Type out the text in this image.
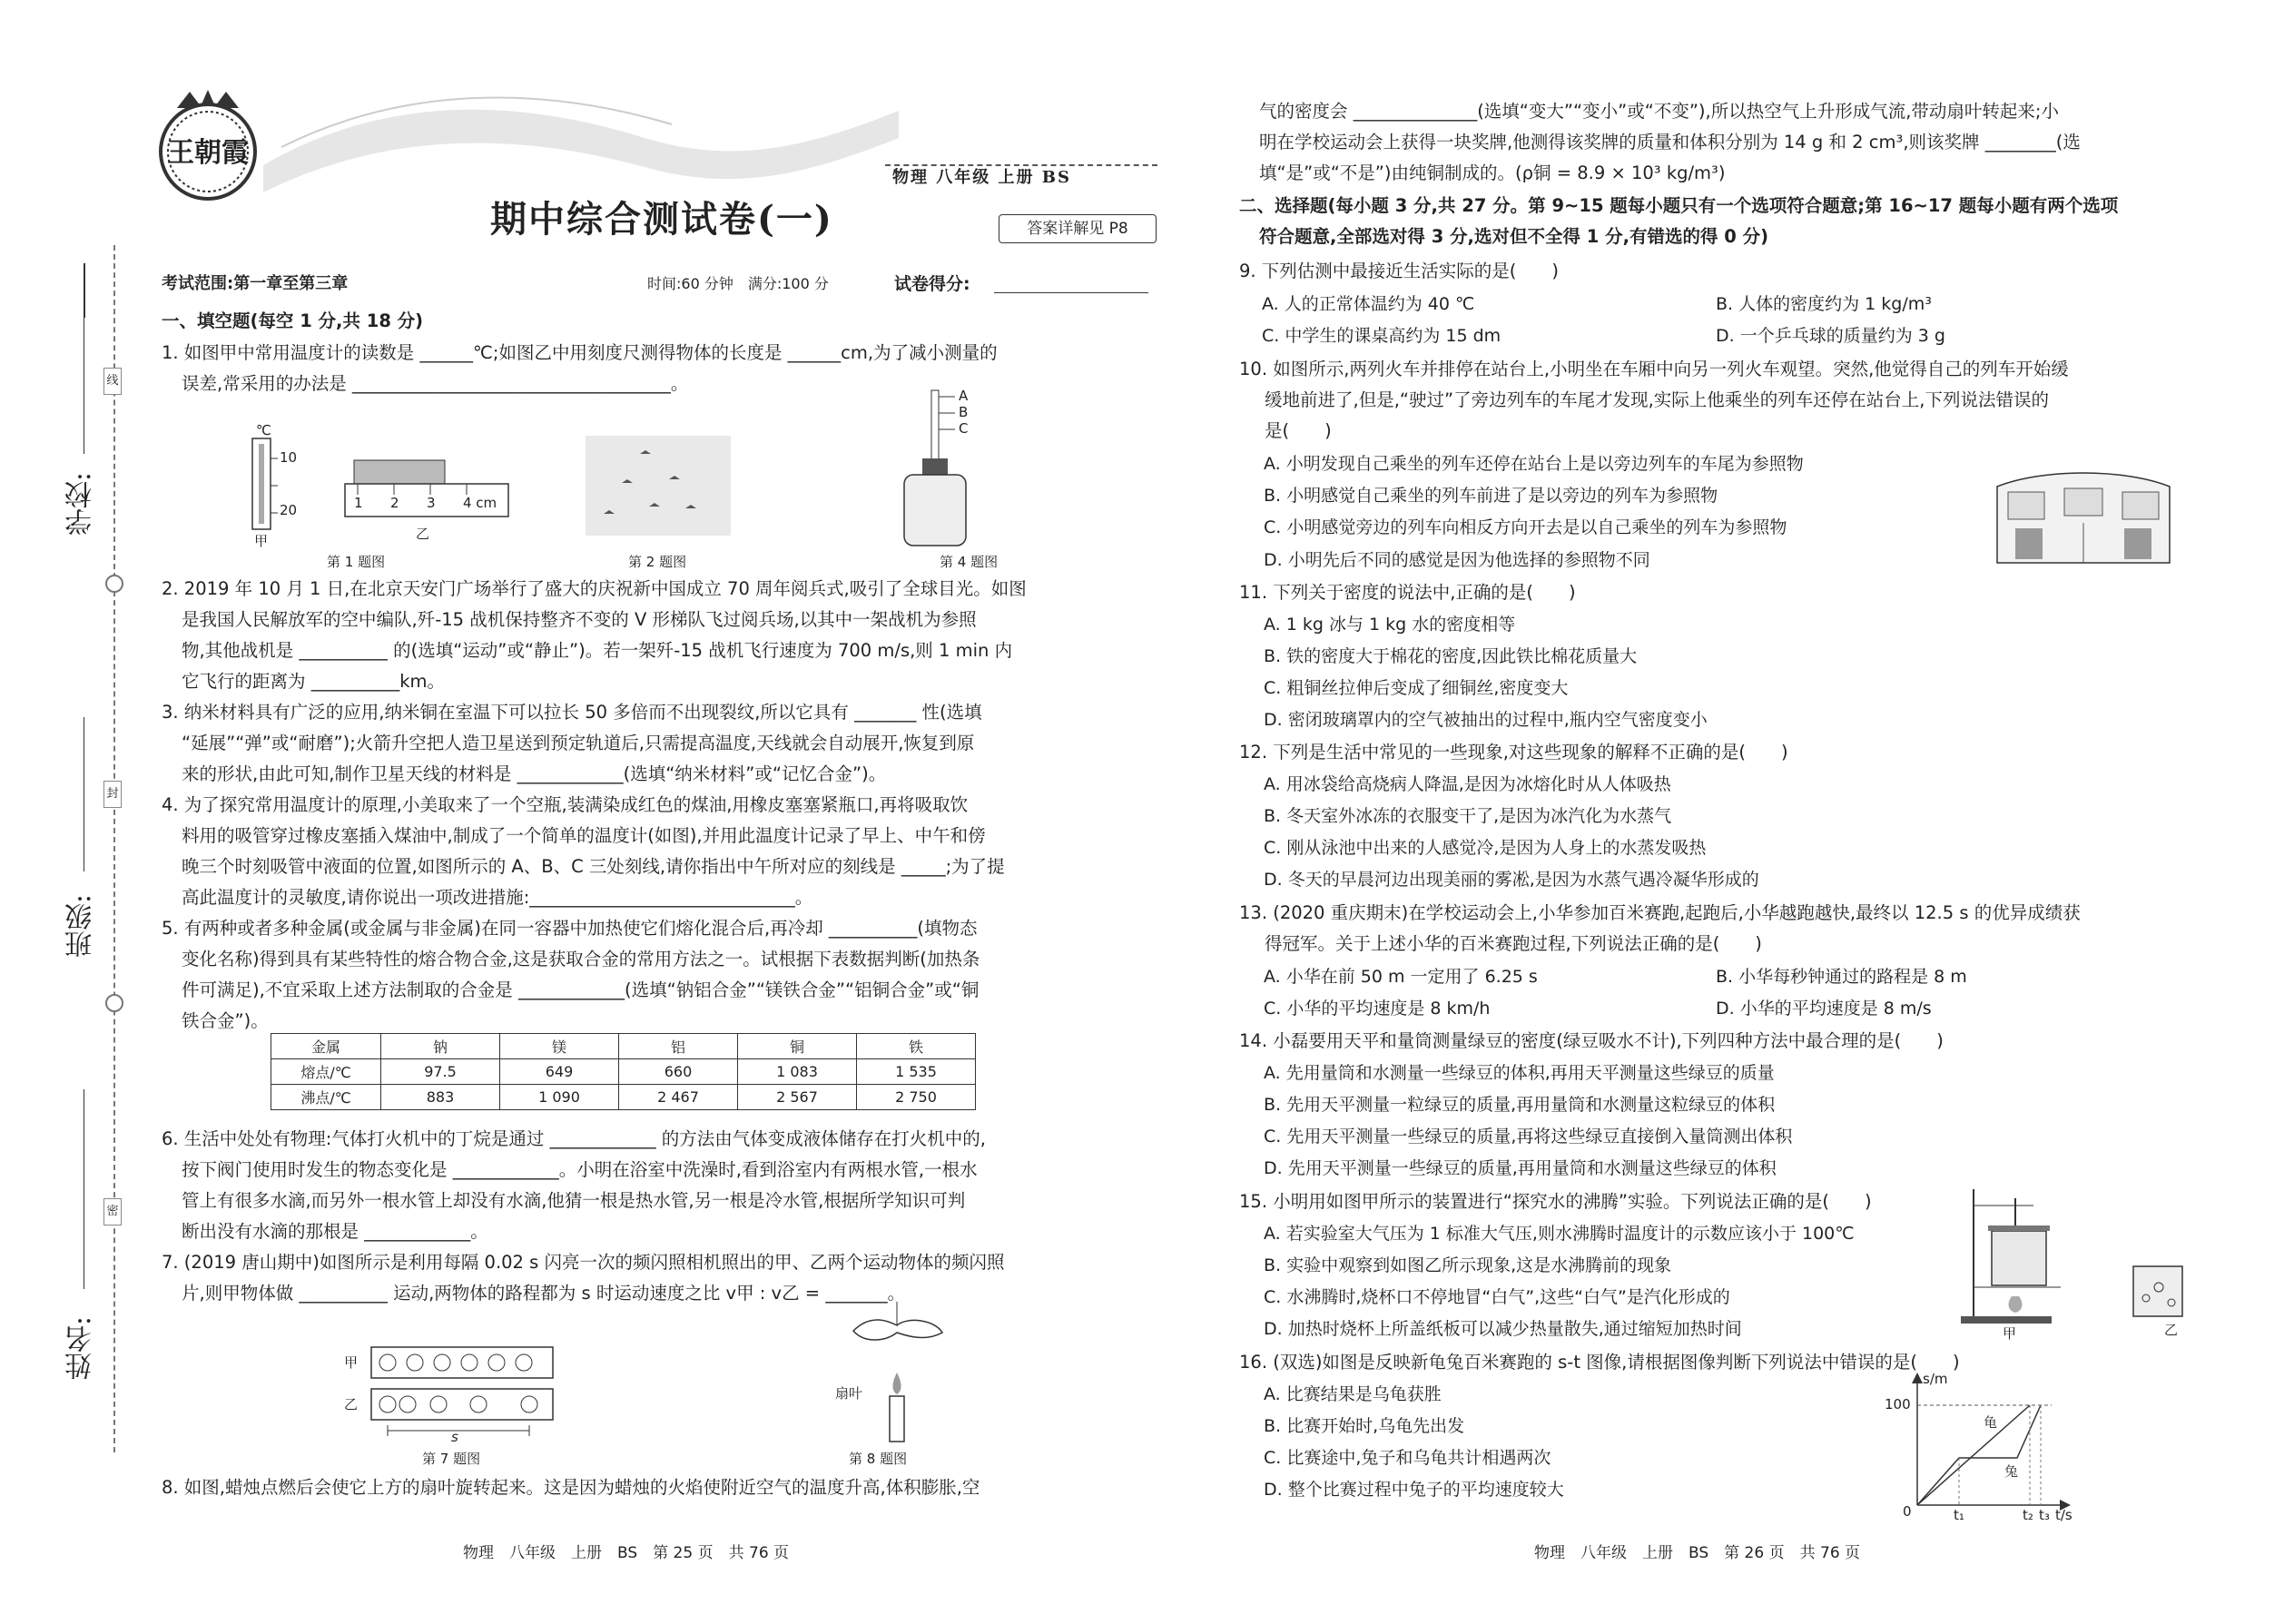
线
封
密
学校:
班级:
姓名:
王朝霞
物理 八年级 上册 BS
期中综合测试卷(一)	答案详解见 P8
考试范围:第一章至第三章	时间:60 分钟　满分:100 分	试卷得分:
一、填空题(每空 1 分,共 18 分)
1. 如图甲中常用温度计的读数是 ______℃;如图乙中用刻度尺测得物体的长度是 ______cm,为了减小测量的
误差,常采用的办法是 ____________________________________。
℃
10
20
甲	乙
1 2 3 4 cm
第 1 题图	第 2 题图
A
B
C
第 4 题图
2. 2019 年 10 月 1 日,在北京天安门广场举行了盛大的庆祝新中国成立 70 周年阅兵式,吸引了全球目光。如图
是我国人民解放军的空中编队,歼-15 战机保持整齐不变的 V 形梯队飞过阅兵场,以其中一架战机为参照
物,其他战机是 __________ 的(选填“运动”或“静止”)。若一架歼-15 战机飞行速度为 700 m/s,则 1 min 内
它飞行的距离为 __________km。
3. 纳米材料具有广泛的应用,纳米铜在室温下可以拉长 50 多倍而不出现裂纹,所以它具有 _______ 性(选填
“延展”“弹”或“耐磨”);火箭升空把人造卫星送到预定轨道后,只需提高温度,天线就会自动展开,恢复到原
来的形状,由此可知,制作卫星天线的材料是 ____________(选填“纳米材料”或“记忆合金”)。
4. 为了探究常用温度计的原理,小美取来了一个空瓶,装满染成红色的煤油,用橡皮塞塞紧瓶口,再将吸取饮
料用的吸管穿过橡皮塞插入煤油中,制成了一个简单的温度计(如图),并用此温度计记录了早上、中午和傍
晚三个时刻吸管中液面的位置,如图所示的 A、B、C 三处刻线,请你指出中午所对应的刻线是 _____;为了提
高此温度计的灵敏度,请你说出一项改进措施:______________________________。
5. 有两种或者多种金属(或金属与非金属)在同一容器中加热使它们熔化混合后,再冷却 __________(填物态
变化名称)得到具有某些特性的熔合物合金,这是获取合金的常用方法之一。试根据下表数据判断(加热条
件可满足),不宜采取上述方法制取的合金是 ____________(选填“钠铝合金”“镁铁合金”“铝铜合金”或“铜
铁合金”)。
金属	钠	镁	铝	铜	铁
熔点/℃	97.5	649	660	1 083	1 535
沸点/℃	883	1 090	2 467	2 567	2 750
6. 生活中处处有物理:气体打火机中的丁烷是通过 ____________ 的方法由气体变成液体储存在打火机中的,
按下阀门使用时发生的物态变化是 ____________。小明在浴室中洗澡时,看到浴室内有两根水管,一根水
管上有很多水滴,而另外一根水管上却没有水滴,他猜一根是热水管,另一根是冷水管,根据所学知识可判
断出没有水滴的那根是 ____________。
7. (2019 唐山期中)如图所示是利用每隔 0.02 s 闪亮一次的频闪照相机照出的甲、乙两个运动物体的频闪照
片,则甲物体做 __________ 运动,两物体的路程都为 s 时运动速度之比 v甲 : v乙 = _______。
甲
乙
s
第 7 题图
扇叶
第 8 题图
8. 如图,蜡烛点燃后会使它上方的扇叶旋转起来。这是因为蜡烛的火焰使附近空气的温度升高,体积膨胀,空
物理　八年级　上册　BS　第 25 页　共 76 页
气的密度会 ______________(选填“变大”“变小”或“不变”),所以热空气上升形成气流,带动扇叶转起来;小
明在学校运动会上获得一块奖牌,他测得该奖牌的质量和体积分别为 14 g 和 2 cm³,则该奖牌 ________(选
填“是”或“不是”)由纯铜制成的。(ρ铜 = 8.9 × 10³ kg/m³)
二、选择题(每小题 3 分,共 27 分。第 9~15 题每小题只有一个选项符合题意;第 16~17 题每小题有两个选项
符合题意,全部选对得 3 分,选对但不全得 1 分,有错选的得 0 分)
9. 下列估测中最接近生活实际的是(　　)
A. 人的正常体温约为 40 ℃	B. 人体的密度约为 1 kg/m³
C. 中学生的课桌高约为 15 dm	D. 一个乒乓球的质量约为 3 g
10. 如图所示,两列火车并排停在站台上,小明坐在车厢中向另一列火车观望。突然,他觉得自己的列车开始缓
缓地前进了,但是,“驶过”了旁边列车的车尾才发现,实际上他乘坐的列车还停在站台上,下列说法错误的
是(　　)
A. 小明发现自己乘坐的列车还停在站台上是以旁边列车的车尾为参照物
B. 小明感觉自己乘坐的列车前进了是以旁边的列车为参照物
C. 小明感觉旁边的列车向相反方向开去是以自己乘坐的列车为参照物
D. 小明先后不同的感觉是因为他选择的参照物不同
11. 下列关于密度的说法中,正确的是(　　)
A. 1 kg 冰与 1 kg 水的密度相等
B. 铁的密度大于棉花的密度,因此铁比棉花质量大
C. 粗铜丝拉伸后变成了细铜丝,密度变大
D. 密闭玻璃罩内的空气被抽出的过程中,瓶内空气密度变小
12. 下列是生活中常见的一些现象,对这些现象的解释不正确的是(　　)
A. 用冰袋给高烧病人降温,是因为冰熔化时从人体吸热
B. 冬天室外冰冻的衣服变干了,是因为冰汽化为水蒸气
C. 刚从泳池中出来的人感觉冷,是因为人身上的水蒸发吸热
D. 冬天的早晨河边出现美丽的雾凇,是因为水蒸气遇冷凝华形成的
13. (2020 重庆期末)在学校运动会上,小华参加百米赛跑,起跑后,小华越跑越快,最终以 12.5 s 的优异成绩获
得冠军。关于上述小华的百米赛跑过程,下列说法正确的是(　　)
A. 小华在前 50 m 一定用了 6.25 s	B. 小华每秒钟通过的路程是 8 m
C. 小华的平均速度是 8 km/h	D. 小华的平均速度是 8 m/s
14. 小磊要用天平和量筒测量绿豆的密度(绿豆吸水不计),下列四种方法中最合理的是(　　)
A. 先用量筒和水测量一些绿豆的体积,再用天平测量这些绿豆的质量
B. 先用天平测量一粒绿豆的质量,再用量筒和水测量这粒绿豆的体积
C. 先用天平测量一些绿豆的质量,再将这些绿豆直接倒入量筒测出体积
D. 先用天平测量一些绿豆的质量,再用量筒和水测量这些绿豆的体积
15. 小明用如图甲所示的装置进行“探究水的沸腾”实验。下列说法正确的是(　　)
A. 若实验室大气压为 1 标准大气压,则水沸腾时温度计的示数应该小于 100℃
B. 实验中观察到如图乙所示现象,这是水沸腾前的现象
C. 水沸腾时,烧杯口不停地冒“白气”,这些“白气”是汽化形成的
D. 加热时烧杯上所盖纸板可以减少热量散失,通过缩短加热时间	甲	乙
16. (双选)如图是反映新龟兔百米赛跑的 s-t 图像,请根据图像判断下列说法中错误的是(　　)
A. 比赛结果是乌龟获胜
B. 比赛开始时,乌龟先出发
C. 比赛途中,兔子和乌龟共计相遇两次
D. 整个比赛过程中兔子的平均速度较大
s/m
100
龟
兔
0	t₁	t₂ t₃ t/s
物理　八年级　上册　BS　第 26 页　共 76 页
